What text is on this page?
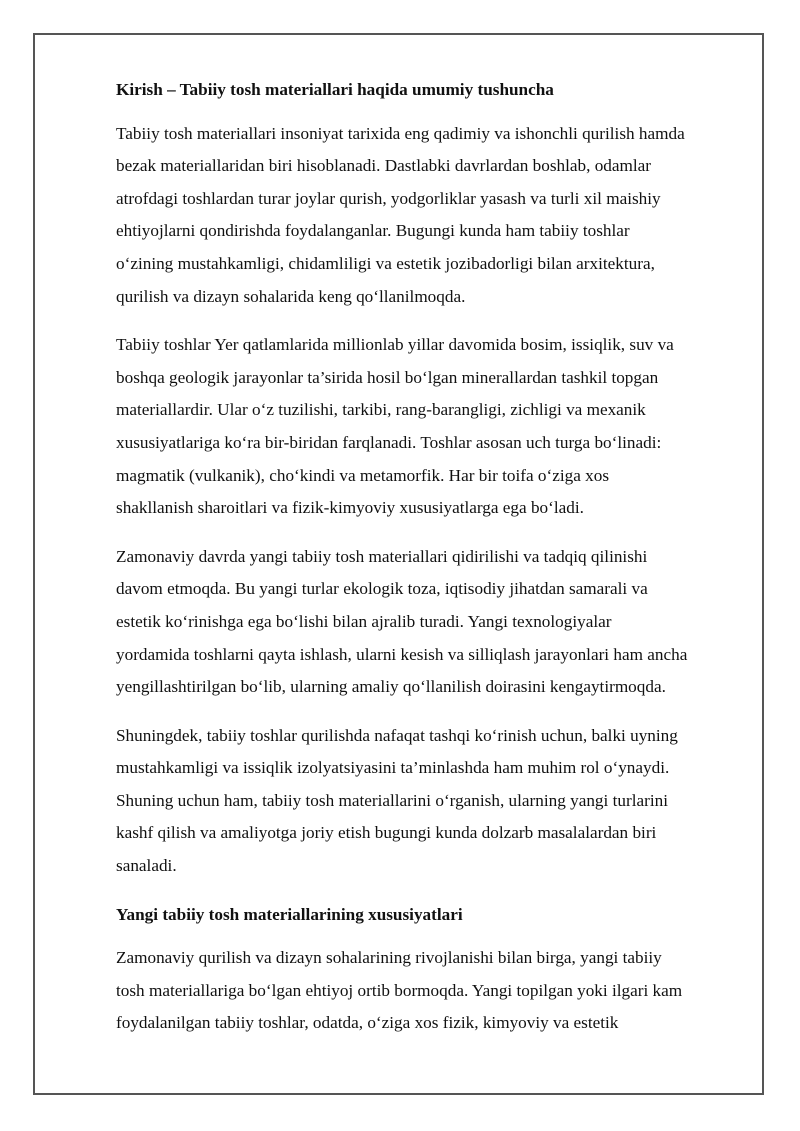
Kirish – Tabiiy tosh materiallari haqida umumiy tushuncha
Tabiiy tosh materiallari insoniyat tarixida eng qadimiy va ishonchli qurilish hamda
bezak materiallaridan biri hisoblanadi. Dastlabki davrlardan boshlab, odamlar
atrofdagi toshlardan turar joylar qurish, yodgorliklar yasash va turli xil maishiy
ehtiyojlarni qondirishda foydalanganlar. Bugungi kunda ham tabiiy toshlar
o‘zining mustahkamligi, chidamliligi va estetik jozibadorligi bilan arxitektura,
qurilish va dizayn sohalarida keng qo‘llanilmoqda.
Tabiiy toshlar Yer qatlamlarida millionlab yillar davomida bosim, issiqlik, suv va
boshqa geologik jarayonlar ta’sirida hosil bo‘lgan minerallardan tashkil topgan
materiallardir. Ular o‘z tuzilishi, tarkibi, rang-barangligi, zichligi va mexanik
xususiyatlariga ko‘ra bir-biridan farqlanadi. Toshlar asosan uch turga bo‘linadi:
magmatik (vulkanik), cho‘kindi va metamorfik. Har bir toifa o‘ziga xos
shakllanish sharoitlari va fizik-kimyoviy xususiyatlarga ega bo‘ladi.
Zamonaviy davrda yangi tabiiy tosh materiallari qidirilishi va tadqiq qilinishi
davom etmoqda. Bu yangi turlar ekologik toza, iqtisodiy jihatdan samarali va
estetik ko‘rinishga ega bo‘lishi bilan ajralib turadi. Yangi texnologiyalar
yordamida toshlarni qayta ishlash, ularni kesish va silliqlash jarayonlari ham ancha
yengillashtirilgan bo‘lib, ularning amaliy qo‘llanilish doirasini kengaytirmoqda.
Shuningdek, tabiiy toshlar qurilishda nafaqat tashqi ko‘rinish uchun, balki uyning
mustahkamligi va issiqlik izolyatsiyasini ta’minlashda ham muhim rol o‘ynaydi.
Shuning uchun ham, tabiiy tosh materiallarini o‘rganish, ularning yangi turlarini
kashf qilish va amaliyotga joriy etish bugungi kunda dolzarb masalalardan biri
sanaladi.
Yangi tabiiy tosh materiallarining xususiyatlari
Zamonaviy qurilish va dizayn sohalarining rivojlanishi bilan birga, yangi tabiiy
tosh materiallariga bo‘lgan ehtiyoj ortib bormoqda. Yangi topilgan yoki ilgari kam
foydalanilgan tabiiy toshlar, odatda, o‘ziga xos fizik, kimyoviy va estetik
